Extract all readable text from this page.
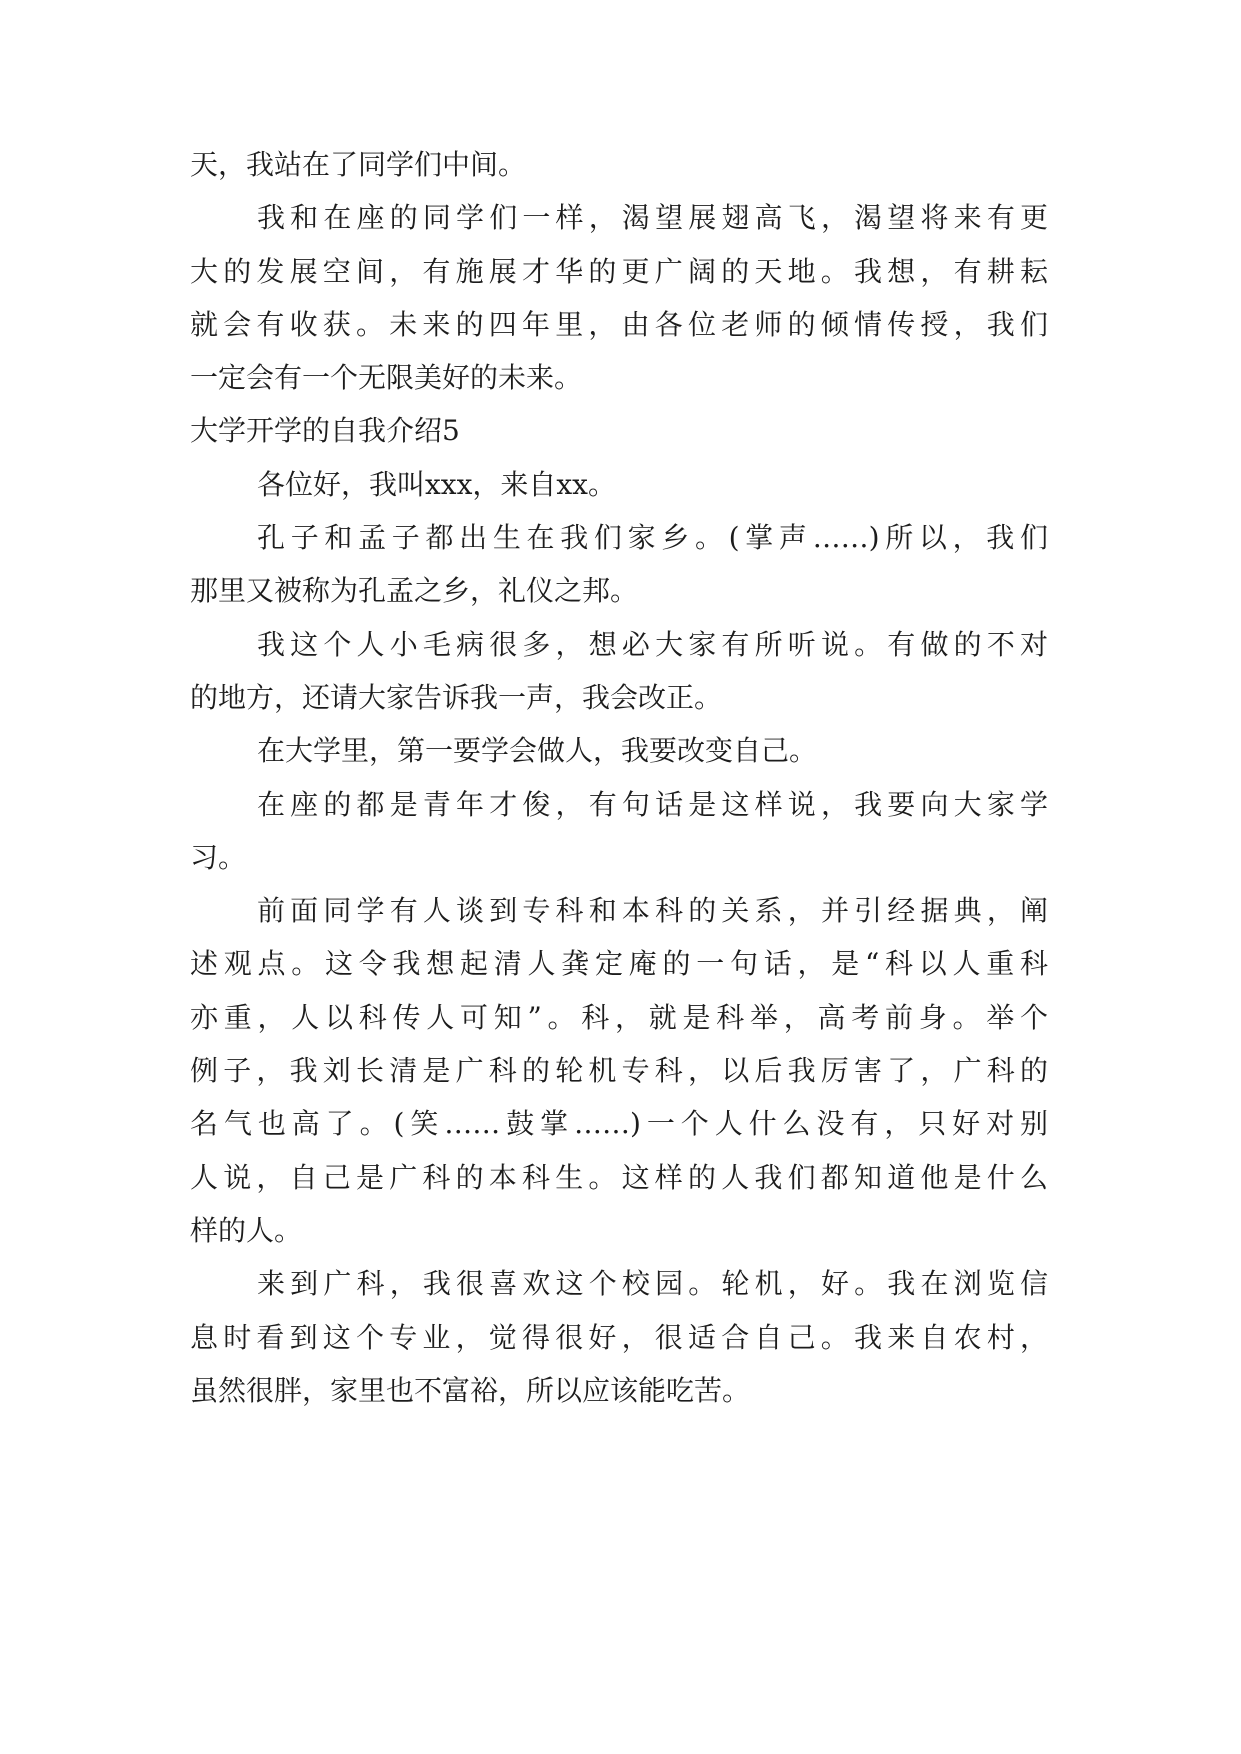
天，我站在了同学们中间。
我和在座的同学们一样，渴望展翅高飞，渴望将来有更
大的发展空间，有施展才华的更广阔的天地。我想，有耕耘
就会有收获。未来的四年里，由各位老师的倾情传授，我们
一定会有一个无限美好的未来。
大学开学的自我介绍5
各位好，我叫xxx，来自xx。
孔子和孟子都出生在我们家乡。(掌声……)所以，我们
那里又被称为孔孟之乡，礼仪之邦。
我这个人小毛病很多，想必大家有所听说。有做的不对
的地方，还请大家告诉我一声，我会改正。
在大学里，第一要学会做人，我要改变自己。
在座的都是青年才俊，有句话是这样说，我要向大家学
习。
前面同学有人谈到专科和本科的关系，并引经据典，阐
述观点。这令我想起清人龚定庵的一句话，是“科以人重科
亦重，人以科传人可知”。科，就是科举，高考前身。举个
例子，我刘长清是广科的轮机专科，以后我厉害了，广科的
名气也高了。(笑……鼓掌……)一个人什么没有，只好对别
人说，自己是广科的本科生。这样的人我们都知道他是什么
样的人。
来到广科，我很喜欢这个校园。轮机，好。我在浏览信
息时看到这个专业，觉得很好，很适合自己。我来自农村，
虽然很胖，家里也不富裕，所以应该能吃苦。
